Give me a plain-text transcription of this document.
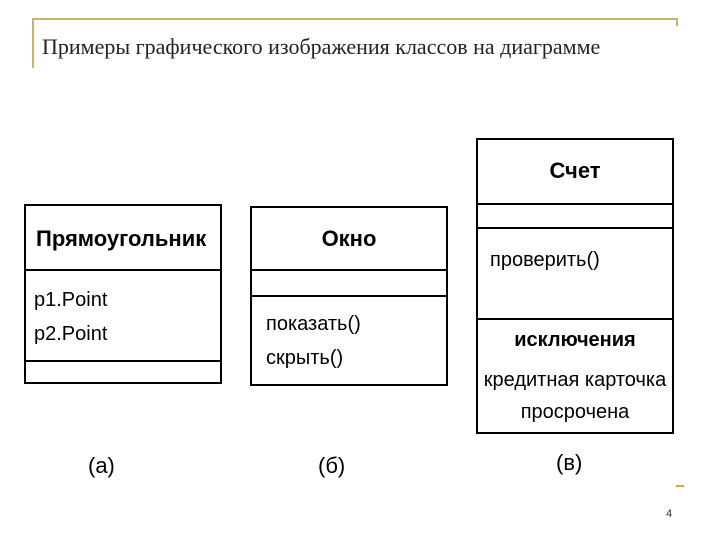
Примеры графического изображения классов на диаграмме
Прямоугольник
p1.Point
p2.Point
Окно
показать()
скрыть()
Счет
проверить()
исключения
кредитная карточка
просрочена
(а)	(б)	(в)
4
